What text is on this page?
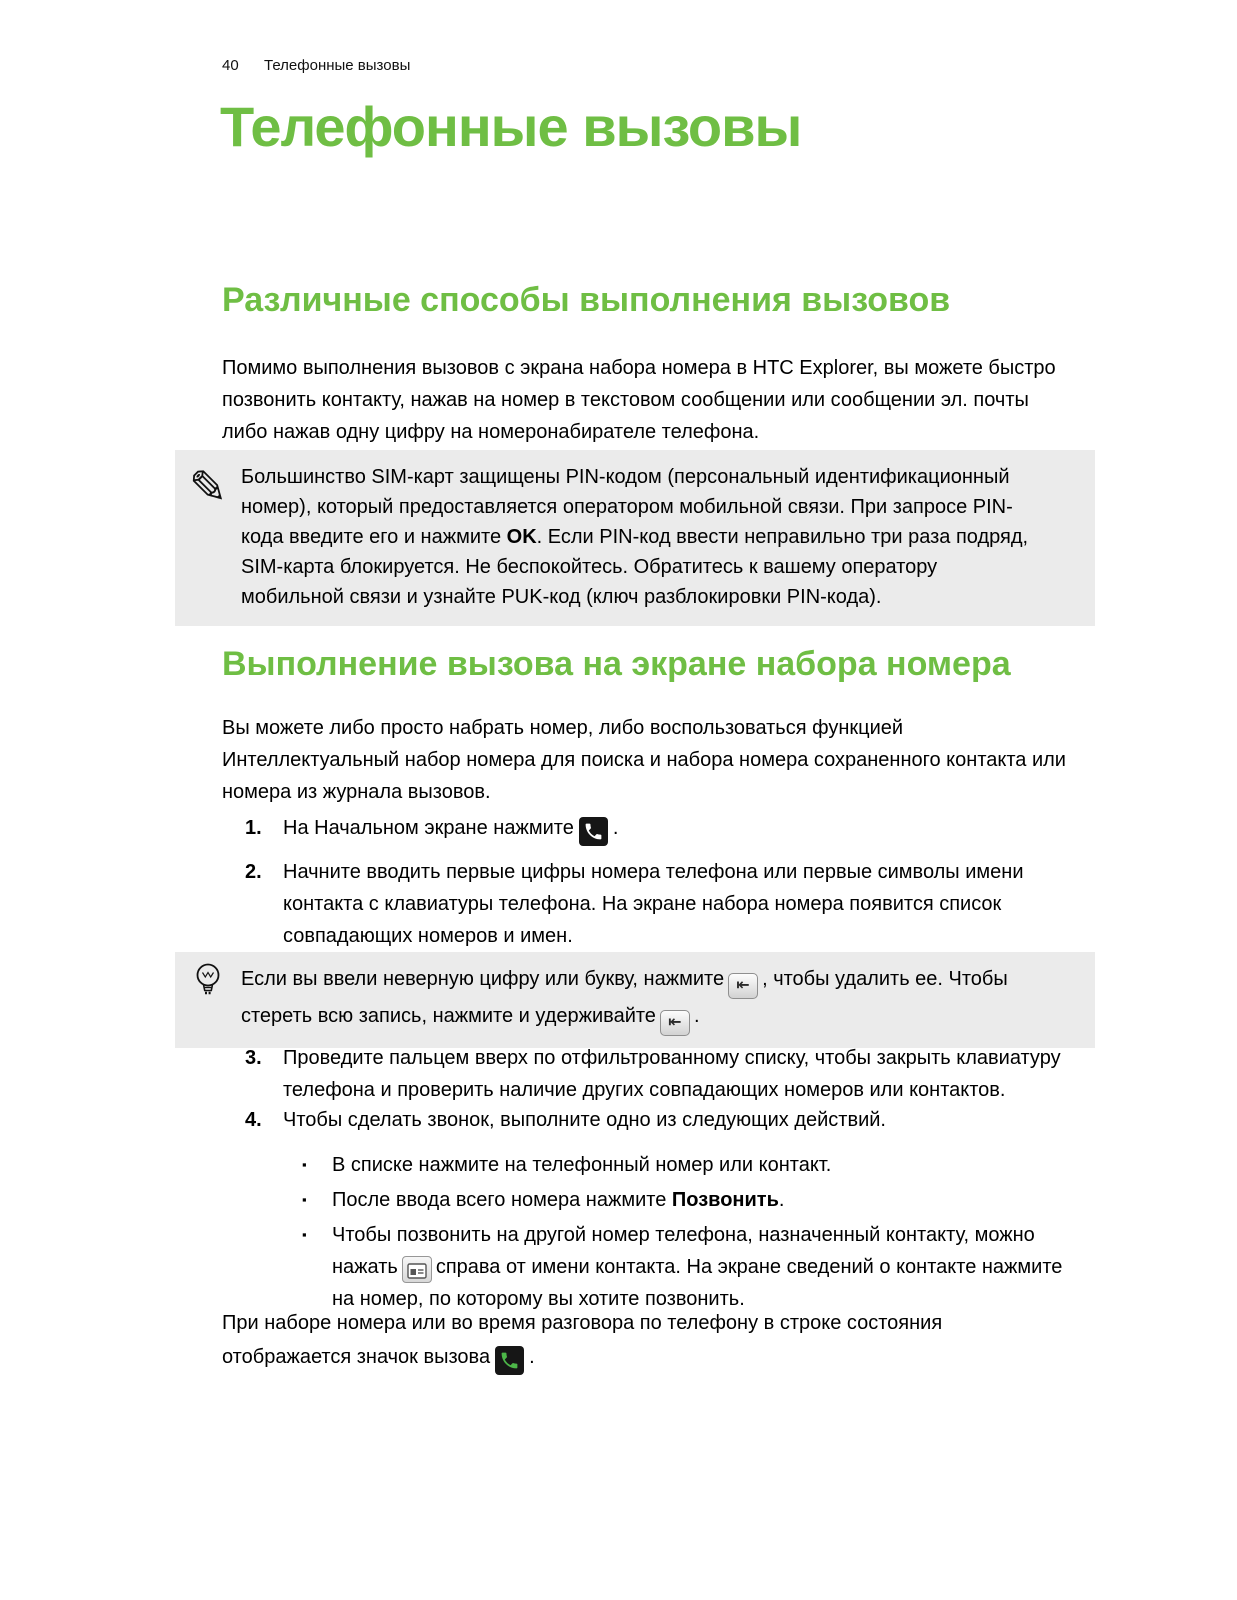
40 Телефонные вызовы
Телефонные вызовы
Различные способы выполнения вызовов
Помимо выполнения вызовов с экрана набора номера в HTC Explorer, вы можете быстро позвонить контакту, нажав на номер в текстовом сообщении или сообщении эл. почты либо нажав одну цифру на номеронабирателе телефона.
✎ Большинство SIM-карт защищены PIN-кодом (персональный идентификационный номер), который предоставляется оператором мобильной связи. При запросе PIN-кода введите его и нажмите OK. Если PIN-код ввести неправильно три раза подряд, SIM-карта блокируется. Не беспокойтесь. Обратитесь к вашему оператору мобильной связи и узнайте PUK-код (ключ разблокировки PIN-кода).
Выполнение вызова на экране набора номера
Вы можете либо просто набрать номер, либо воспользоваться функцией Интеллектуальный набор номера для поиска и набора номера сохраненного контакта или номера из журнала вызовов.
1.	На Начальном экране нажмите .
2.	Начните вводить первые цифры номера телефона или первые символы имени контакта с клавиатуры телефона. На экране набора номера появится список совпадающих номеров и имен.
Если вы ввели неверную цифру или букву, нажмите ⇤ , чтобы удалить ее. Чтобы стереть всю запись, нажмите и удерживайте ⇤ .
3.	Проведите пальцем вверх по отфильтрованному списку, чтобы закрыть клавиатуру телефона и проверить наличие других совпадающих номеров или контактов.
4.	Чтобы сделать звонок, выполните одно из следующих действий.
▪	В списке нажмите на телефонный номер или контакт.
▪	После ввода всего номера нажмите Позвонить.
▪	Чтобы позвонить на другой номер телефона, назначенный контакту, можно нажать справа от имени контакта. На экране сведений о контакте нажмите на номер, по которому вы хотите позвонить.
При наборе номера или во время разговора по телефону в строке состояния отображается значок вызова .
